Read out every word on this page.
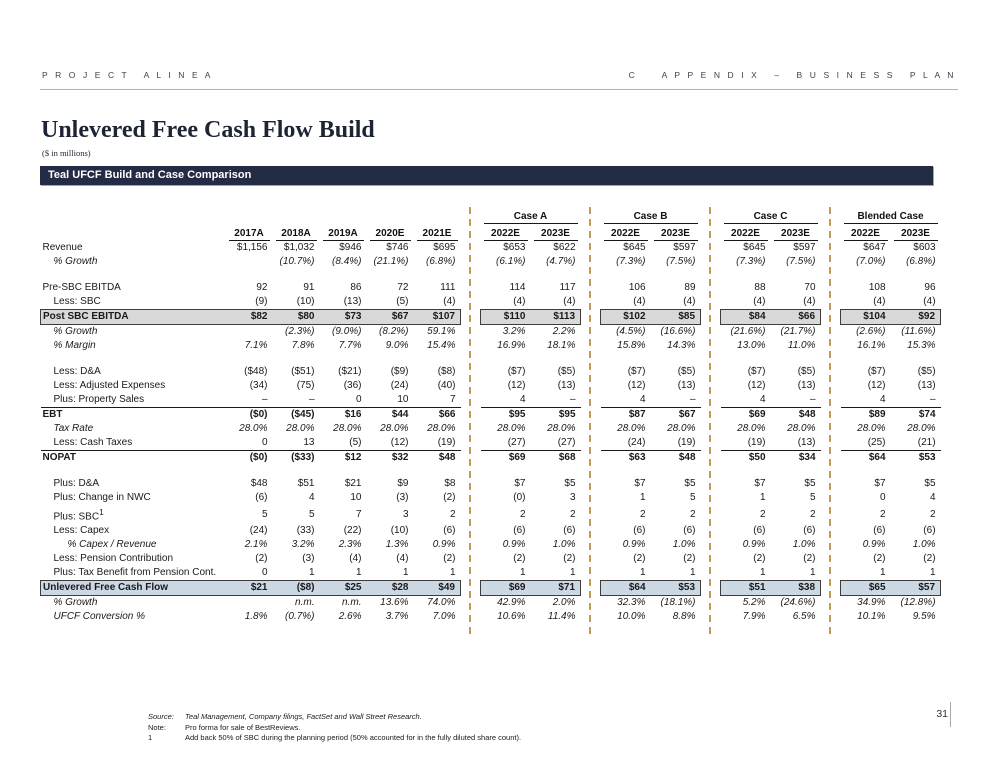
P R O J E C T   A L I N E A	C     A P P E N D I X   –   B U S I N E S S   P L A N
Unlevered Free Cash Flow Build
($ in millions)
Teal UFCF Build and Case Comparison

							Case A			Case B			Case C			Blended Case	

	2017A	2018A	2019A	2020E	2021E		2022E	2023E		2022E	2023E		2022E	2023E		2022E	2023E

Revenue	$1,156	$1,032	$946	$746	$695		$653	$622		$645	$597		$645	$597		$647	$603
% Growth		(10.7%)	(8.4%)	(21.1%)	(6.8%)		(6.1%)	(4.7%)		(7.3%)	(7.5%)		(7.3%)	(7.5%)		(7.0%)	(6.8%)

Pre-SBC EBITDA	92	91	86	72	111		114	117		106	89		88	70		108	96
Less: SBC	(9)	(10)	(13)	(5)	(4)		(4)	(4)		(4)	(4)		(4)	(4)		(4)	(4)
Post SBC EBITDA	$82	$80	$73	$67	$107		$110	$113		$102	$85		$84	$66		$104	$92
% Growth		(2.3%)	(9.0%)	(8.2%)	59.1%		3.2%	2.2%		(4.5%)	(16.6%)		(21.6%)	(21.7%)		(2.6%)	(11.6%)
% Margin	7.1%	7.8%	7.7%	9.0%	15.4%		16.9%	18.1%		15.8%	14.3%		13.0%	11.0%		16.1%	15.3%

Less: D&A	($48)	($51)	($21)	($9)	($8)		($7)	($5)		($7)	($5)		($7)	($5)		($7)	($5)
Less: Adjusted Expenses	(34)	(75)	(36)	(24)	(40)		(12)	(13)		(12)	(13)		(12)	(13)		(12)	(13)
Plus: Property Sales	–	–	0	10	7		4	–		4	–		4	–		4	–
EBT	($0)	($45)	$16	$44	$66		$95	$95		$87	$67		$69	$48		$89	$74
Tax Rate	28.0%	28.0%	28.0%	28.0%	28.0%		28.0%	28.0%		28.0%	28.0%		28.0%	28.0%		28.0%	28.0%
Less: Cash Taxes	0	13	(5)	(12)	(19)		(27)	(27)		(24)	(19)		(19)	(13)		(25)	(21)
NOPAT	($0)	($33)	$12	$32	$48		$69	$68		$63	$48		$50	$34		$64	$53

Plus: D&A	$48	$51	$21	$9	$8		$7	$5		$7	$5		$7	$5		$7	$5
Plus: Change in NWC	(6)	4	10	(3)	(2)		(0)	3		1	5		1	5		0	4
Plus: SBC$^1$	5	5	7	3	2		2	2		2	2		2	2		2	2
Less: Capex	(24)	(33)	(22)	(10)	(6)		(6)	(6)		(6)	(6)		(6)	(6)		(6)	(6)
% Capex / Revenue	2.1%	3.2%	2.3%	1.3%	0.9%		0.9%	1.0%		0.9%	1.0%		0.9%	1.0%		0.9%	1.0%
Less: Pension Contribution	(2)	(3)	(4)	(4)	(2)		(2)	(2)		(2)	(2)		(2)	(2)		(2)	(2)
Plus: Tax Benefit from Pension Cont.	0	1	1	1	1		1	1		1	1		1	1		1	1
Unlevered Free Cash Flow	$21	($8)	$25	$28	$49		$69	$71		$64	$53		$51	$38		$65	$57
% Growth		n.m.	n.m.	13.6%	74.0%		42.9%	2.0%		32.3%	(18.1%)		5.2%	(24.6%)		34.9%	(12.8%)
UFCF Conversion %	1.8%	(0.7%)	2.6%	3.7%	7.0%		10.6%	11.4%		10.0%	8.8%		7.9%	6.5%		10.1%	9.5%
Source:	Teal Management, Company filings, FactSet and Wall Street Research.
Note:	Pro forma for sale of BestReviews.
1	Add back 50% of SBC during the planning period (50% accounted for in the fully diluted share count).
31
